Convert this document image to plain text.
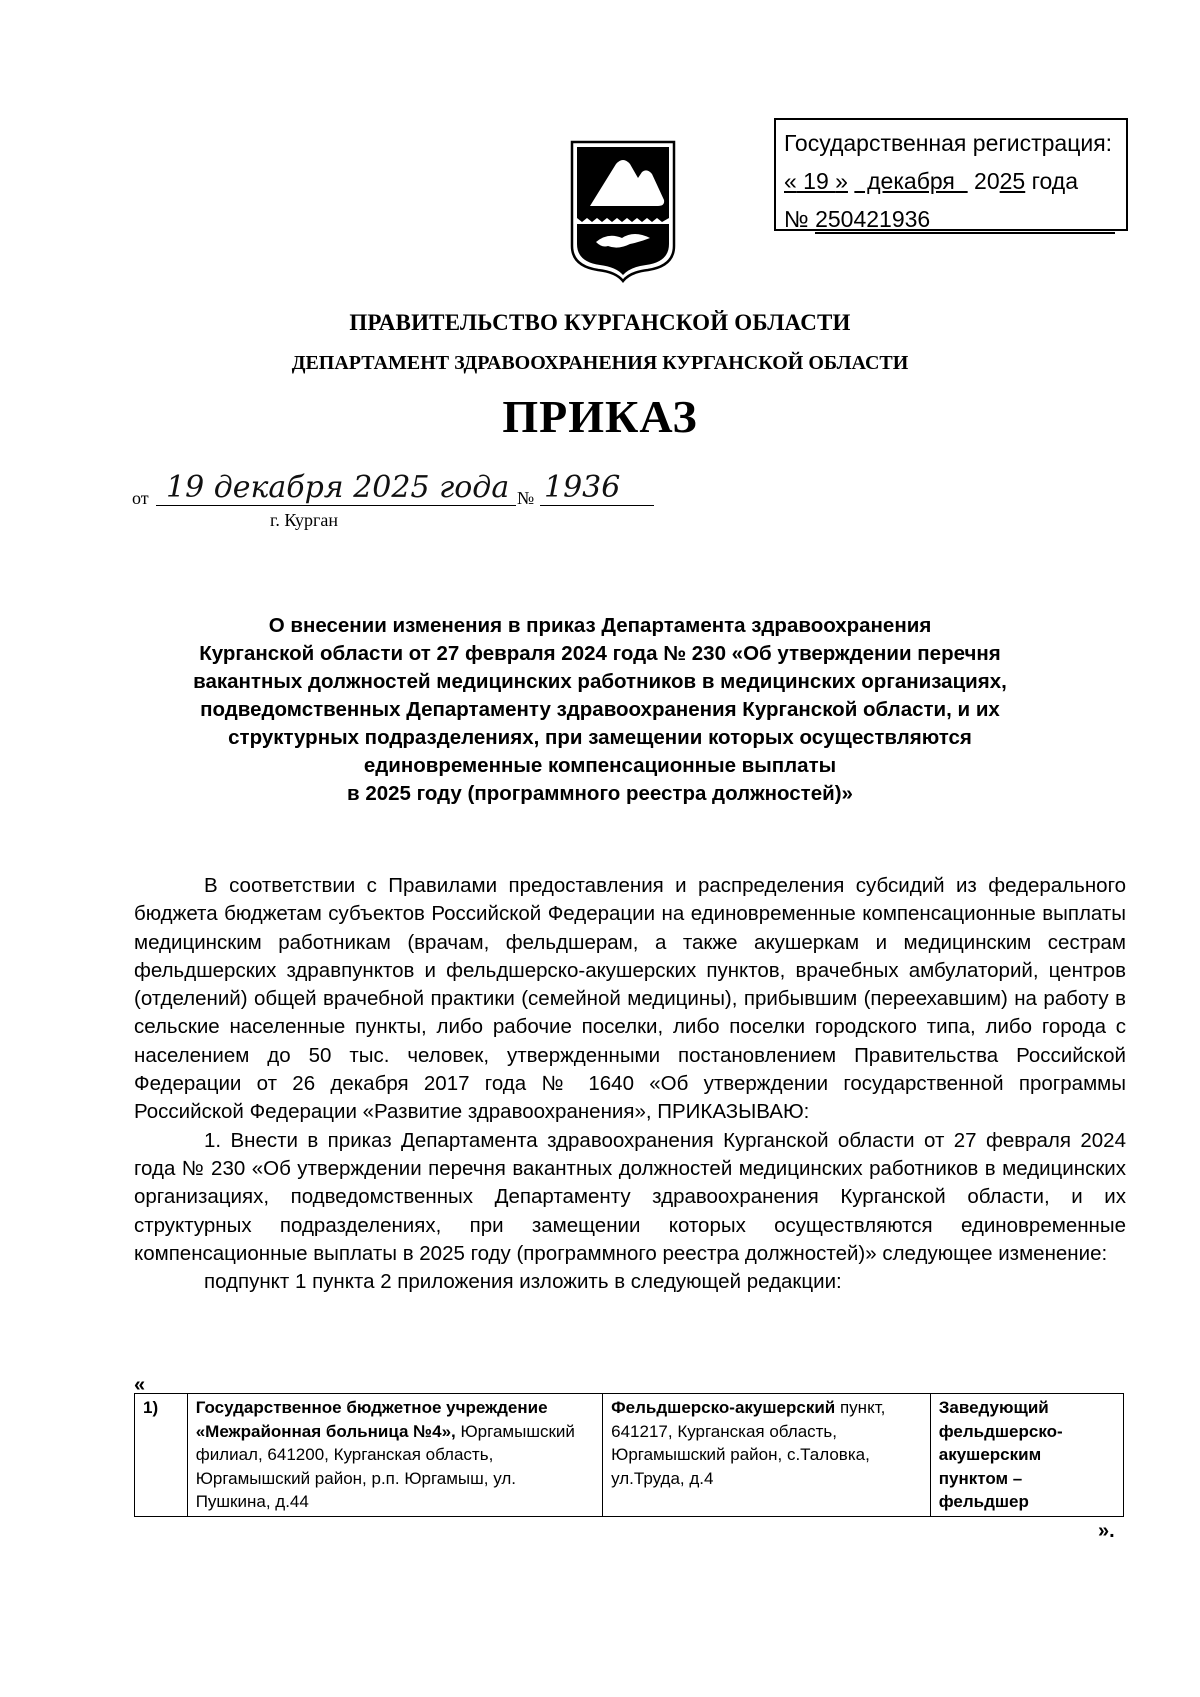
Государственная регистрация:
« 19 »   декабря   2025 года
№ 250421936
ПРАВИТЕЛЬСТВО КУРГАНСКОЙ ОБЛАСТИ
ДЕПАРТАМЕНТ ЗДРАВООХРАНЕНИЯ КУРГАНСКОЙ ОБЛАСТИ
ПРИКАЗ
от 19 декабря 2025 года № 1936
г. Курган
О внесении изменения в приказ Департамента здравоохранения
Курганской области от 27 февраля 2024 года № 230 «Об утверждении перечня
вакантных должностей медицинских работников в медицинских организациях,
подведомственных Департаменту здравоохранения Курганской области, и их
структурных подразделениях, при замещении которых осуществляются
единовременные компенсационные выплаты
в 2025 году (программного реестра должностей)»

В соответствии с Правилами предоставления и распределения субсидий из федерального бюджета бюджетам субъектов Российской Федерации на единовременные компенсационные выплаты медицинским работникам (врачам, фельдшерам, а также акушеркам и медицинским сестрам фельдшерских здравпунктов и фельдшерско-акушерских пунктов, врачебных амбулаторий, центров (отделений) общей врачебной практики (семейной медицины), прибывшим (переехавшим) на работу в сельские населенные пункты, либо рабочие поселки, либо поселки городского типа, либо города с населением до 50 тыс. человек, утвержденными постановлением Правительства Российской Федерации от 26 декабря 2017 года № 1640 «Об утверждении государственной программы Российской Федерации «Развитие здравоохранения», ПРИКАЗЫВАЮ:

1. Внести в приказ Департамента здравоохранения Курганской области от 27 февраля 2024 года № 230 «Об утверждении перечня вакантных должностей медицинских работников в медицинских организациях, подведомственных Департаменту здравоохранения Курганской области, и их структурных подразделениях, при замещении которых осуществляются единовременные компенсационные выплаты в 2025 году (программного реестра должностей)» следующее изменение:

подпункт 1 пункта 2 приложения изложить в следующей редакции:

«
1)	Государственное бюджетное учреждение «Межрайонная больница №4», Юргамышский филиал, 641200, Курганская область, Юргамышский район, р.п. Юргамыш, ул. Пушкина, д.44	Фельдшерско-акушерский пункт, 641217, Курганская область, Юргамышский район, с.Таловка, ул.Труда, д.4	Заведующий фельдшерско-акушерским пунктом – фельдшер
».
